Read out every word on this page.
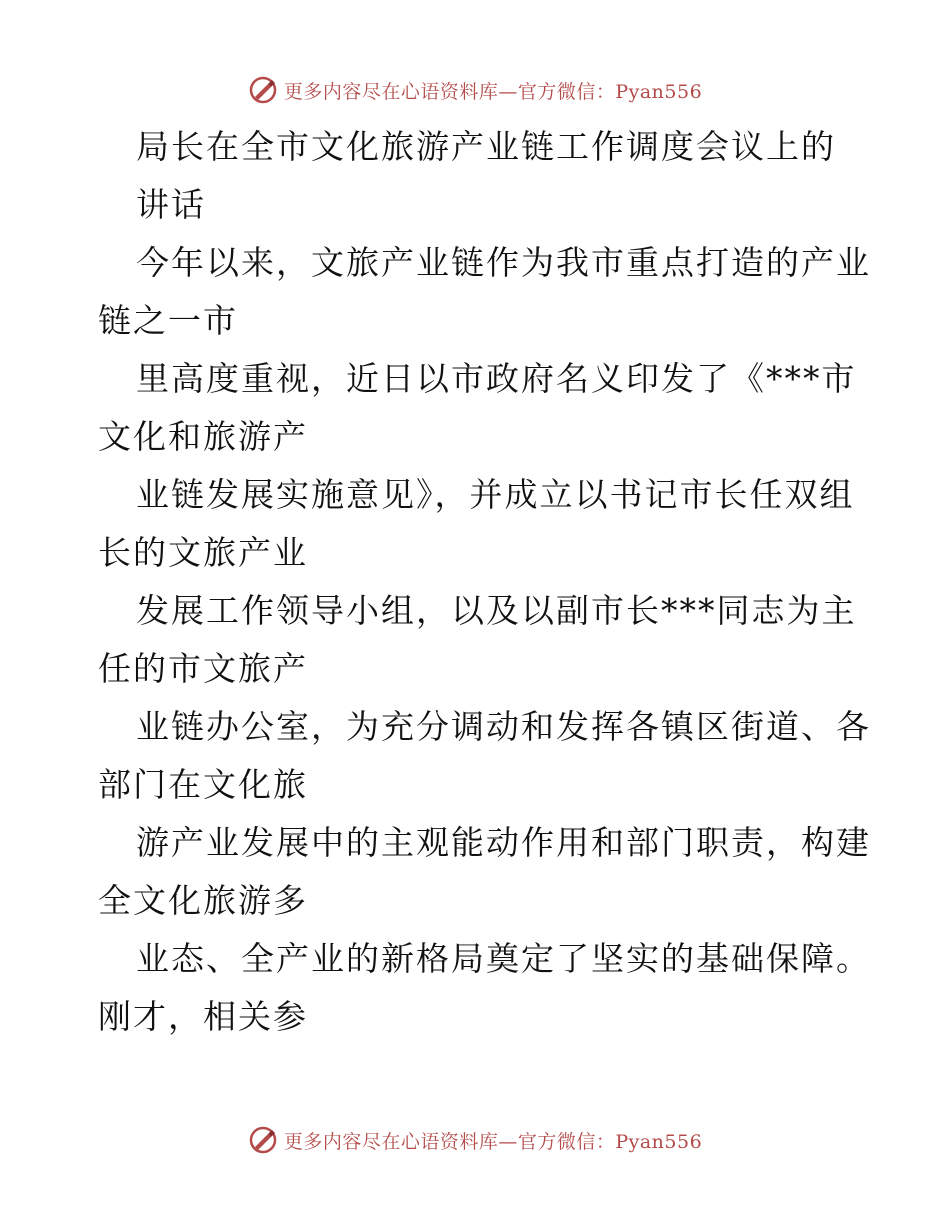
更多内容尽在心语资料库—官方微信：Pyan556
局长在全市文化旅游产业链工作调度会议上的
讲话
今年以来，文旅产业链作为我市重点打造的产业
链之一市
里高度重视，近日以市政府名义印发了《***市
文化和旅游产
业链发展实施意见》，并成立以书记市长任双组
长的文旅产业
发展工作领导小组，以及以副市长***同志为主
任的市文旅产
业链办公室，为充分调动和发挥各镇区街道、各
部门在文化旅
游产业发展中的主观能动作用和部门职责，构建
全文化旅游多
业态、全产业的新格局奠定了坚实的基础保障。
刚才，相关参
更多内容尽在心语资料库—官方微信：Pyan556
